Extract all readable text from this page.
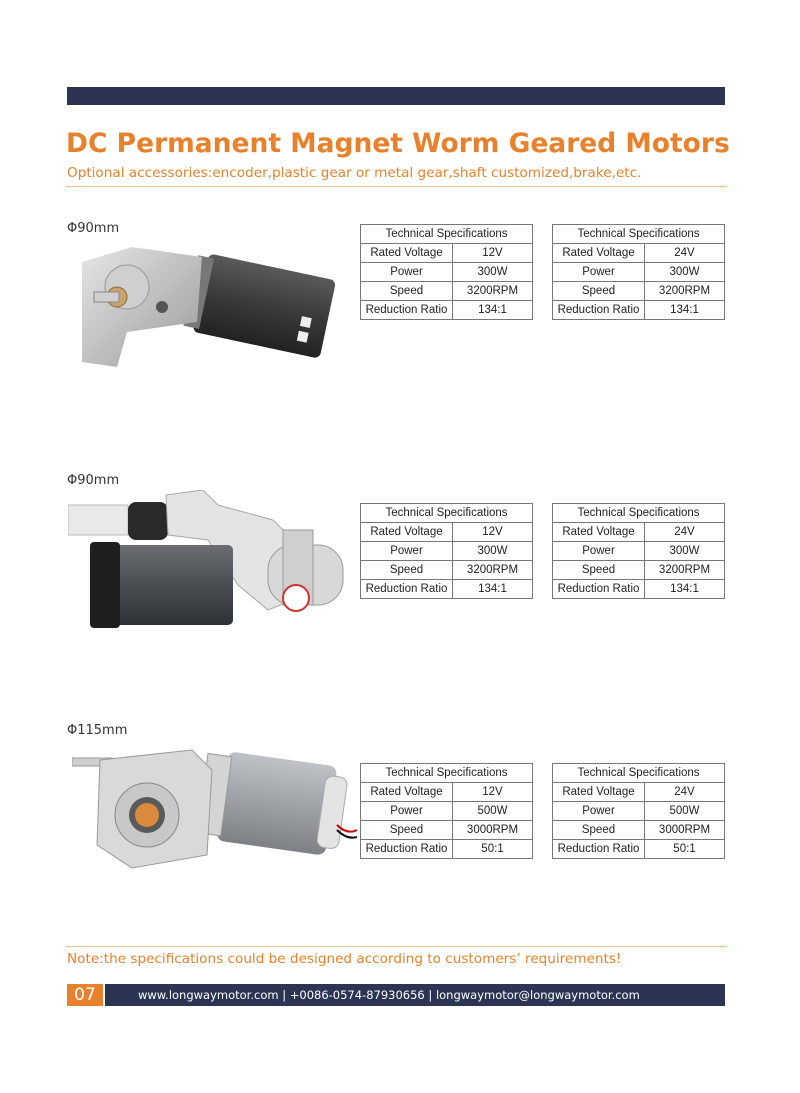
DC Permanent Magnet Worm Geared Motors
Optional accessories:encoder,plastic gear or metal gear,shaft customized,brake,etc.
Φ90mm	Technical Specifications	
Rated Voltage	12V
Power	300W
Speed	3200RPM
Reduction Ratio	134:1
Technical Specifications	
Rated Voltage	24V
Power	300W
Speed	3200RPM
Reduction Ratio	134:1
Φ90mm
Technical Specifications	
Rated Voltage	12V
Power	300W
Speed	3200RPM
Reduction Ratio	134:1
Technical Specifications	
Rated Voltage	24V
Power	300W
Speed	3200RPM
Reduction Ratio	134:1
Φ115mm
Technical Specifications	
Rated Voltage	12V
Power	500W
Speed	3000RPM
Reduction Ratio	50:1
Technical Specifications	
Rated Voltage	24V
Power	500W
Speed	3000RPM
Reduction Ratio	50:1
Note:the specifications could be designed according to customers’ requirements!
07	www.longwaymotor.com | +0086-0574-87930656 | longwaymotor@longwaymotor.com
